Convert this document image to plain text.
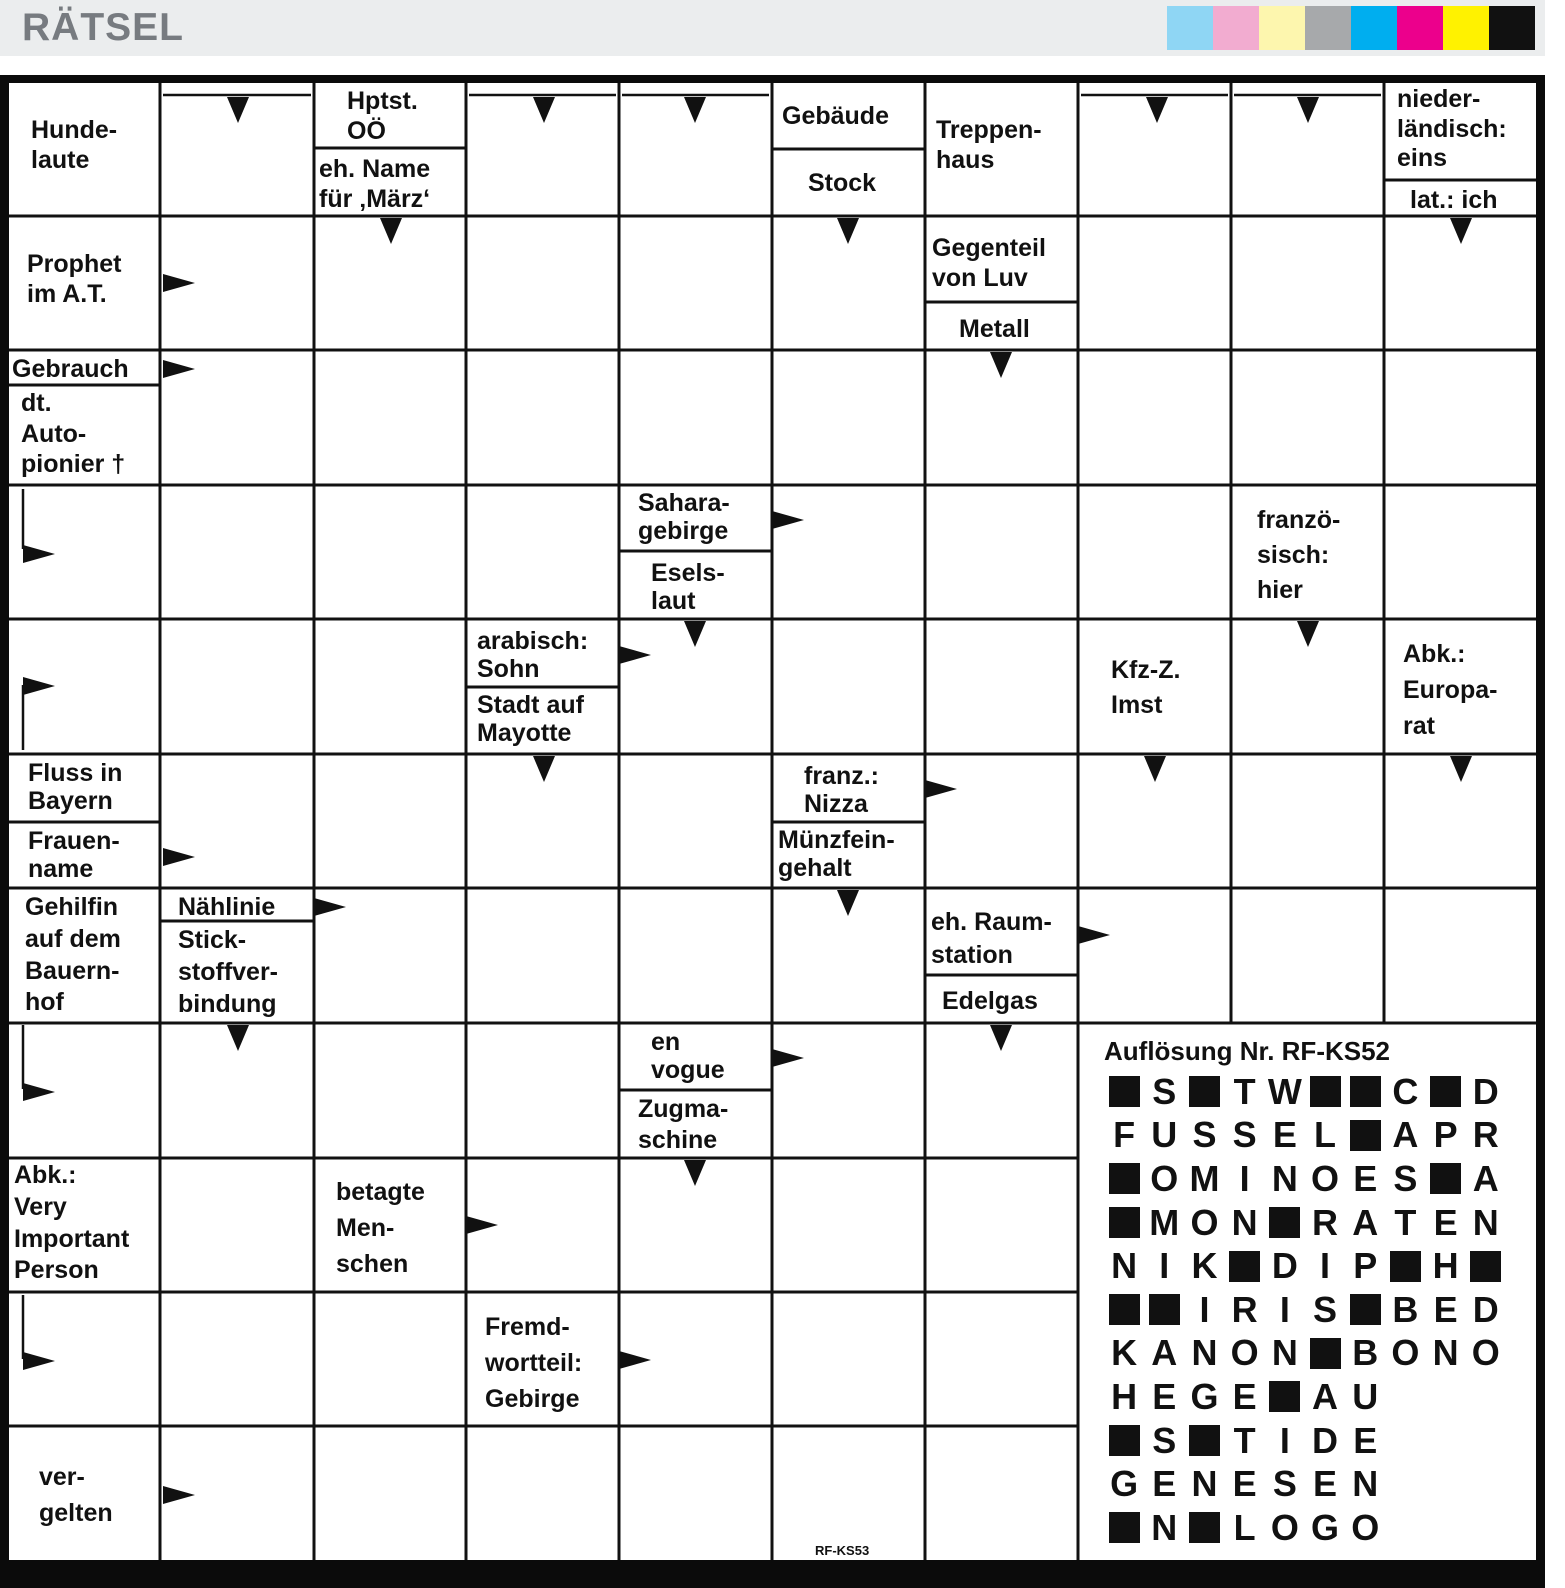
RÄTSEL
Hunde-
laute
Hptst.
OÖ
eh. Name
für ‚März‘
Gebäude
Stock
Treppen-
haus
nieder-
ländisch:
eins
lat.: ich
Prophet
im A.T.
Gegenteil
von Luv
Metall
Gebrauch
dt.
Auto-
pionier †
Sahara-
gebirge
Esels-
laut
franzö-
sisch:
hier
arabisch:
Sohn
Stadt auf
Mayotte
Kfz-Z.
Imst
Abk.:
Europa-
rat
Fluss in
Bayern
Frauen-
name
franz.:
Nizza
Münzfein-
gehalt
Gehilfin
auf dem
Bauern-
hof
Nählinie
Stick-
stoffver-
bindung
eh. Raum-
station
Edelgas
en
vogue
Zugma-
schine
Abk.:
Very
Important
Person
betagte
Men-
schen
Fremd-
wortteil:
Gebirge
ver-
gelten
Auflösung Nr. RF-KS52
S T W	C D
F U S S E L A P R
O M I N O E S A
M O N R A T E N
N I K D I P H
I R I S B E D
K A N O N B O N O
H E G E A U
S T I D E
G E N E S E N
N L O G O
RF-KS53
